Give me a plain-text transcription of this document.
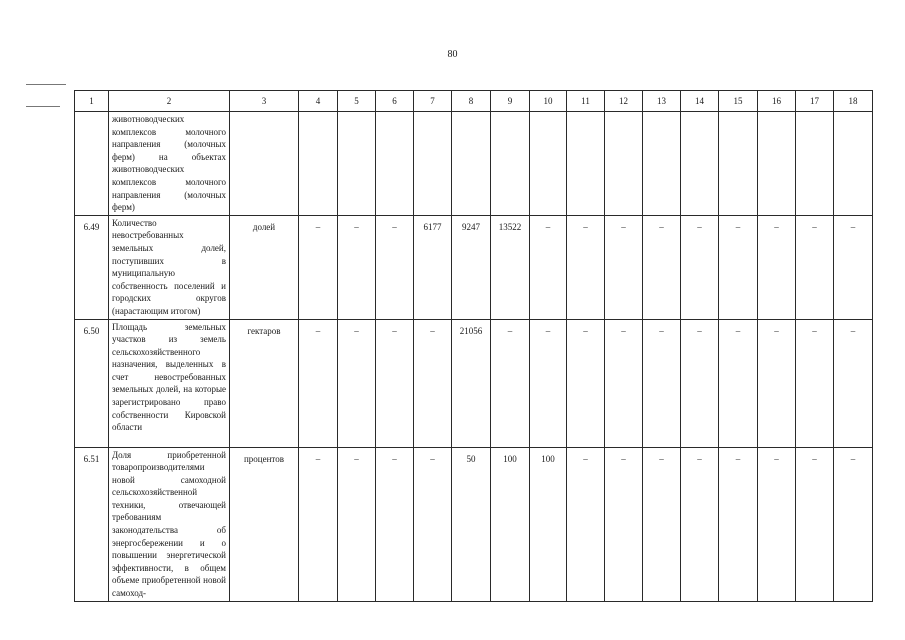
80
1	2	3	4	5	6	7	8	9	10	11	12	13	14	15	16	17	18
	животноводческих комплексов молочного направления (молочных ферм) на объектах животноводческих комплексов молочного направления (молочных ферм)																
6.49	Количество невостребованных земельных долей, поступивших в муниципальную собственность поселений и городских округов (нарастающим итогом)	долей	–	–	–	6177	9247	13522	–	–	–	–	–	–	–	–	–
6.50	Площадь земельных участков из земель сельскохозяйственного назначения, выделенных в счет невостребованных земельных долей, на которые зарегистрировано право собственности Кировской области	гектаров	–	–	–	–	21056	–	–	–	–	–	–	–	–	–	–
6.51	Доля приобретенной товаропроизводителями новой самоходной сельскохозяйственной техники, отвечающей требованиям законодательства об энергосбережении и о повышении энергетической эффективности, в общем объеме приобретенной новой самоход-	процентов	–	–	–	–	50	100	100	–	–	–	–	–	–	–	–
